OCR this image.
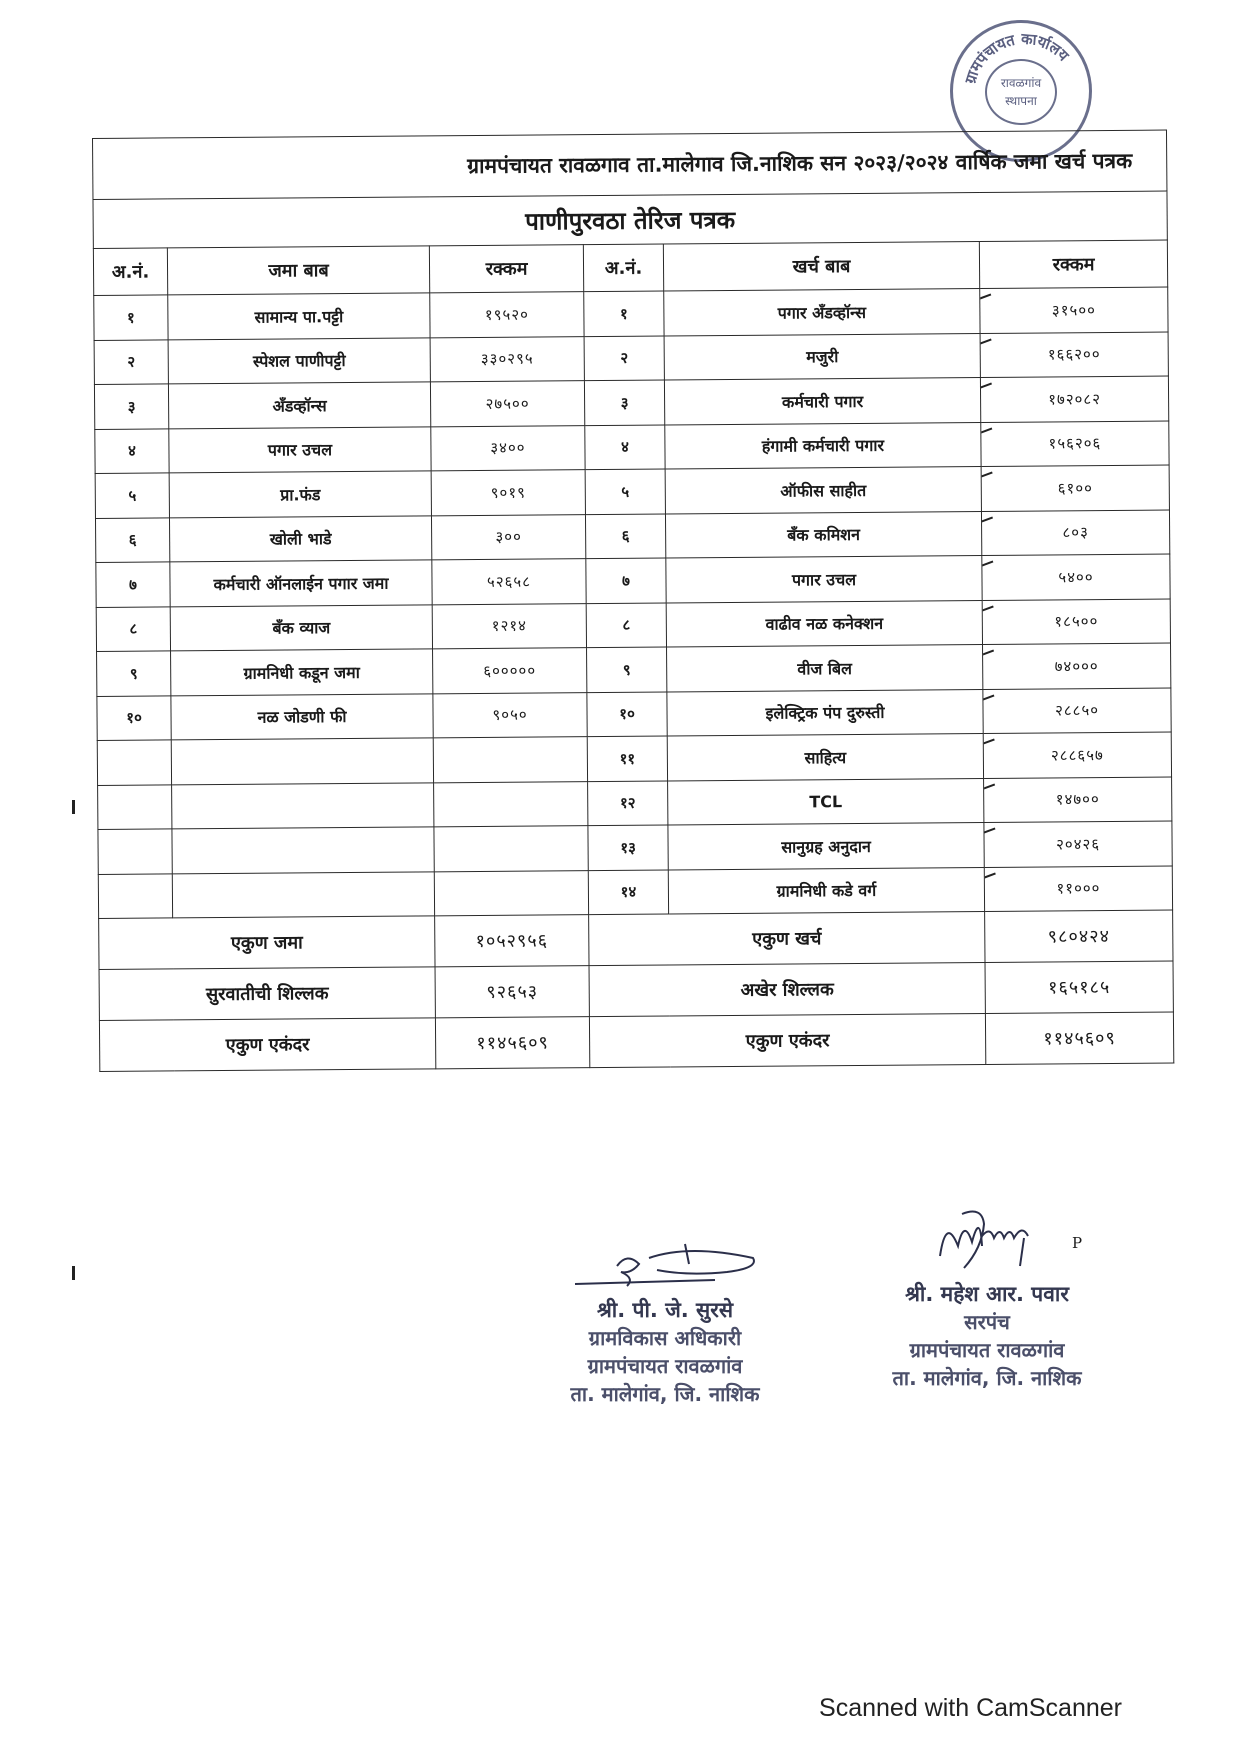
ग्रामपंचायत कार्यालय
रावळगांव
स्थापना
ग्रामपंचायत रावळगाव ता.मालेगाव जि.नाशिक सन २०२३/२०२४ वार्षिक जमा खर्च पत्रक					
पाणीपुरवठा तेरिज पत्रक					
अ.नं.	जमा बाब	रक्कम	अ.नं.	खर्च बाब	रक्कम
१	सामान्य पा.पट्टी	१९५२०	१	पगार अँडव्हॉन्स	३१५००
२	स्पेशल पाणीपट्टी	३३०२९५	२	मजुरी	१६६२००
३	अँडव्हॉन्स	२७५००	३	कर्मचारी पगार	१७२०८२
४	पगार उचल	३४००	४	हंगामी कर्मचारी पगार	१५६२०६
५	प्रा.फंड	९०१९	५	ऑफीस साहीत	६१००
६	खोली भाडे	३००	६	बँक कमिशन	८०३
७	कर्मचारी ऑनलाईन पगार जमा	५२६५८	७	पगार उचल	५४००
८	बँक व्याज	१२१४	८	वाढीव नळ कनेक्शन	१८५००
९	ग्रामनिधी कडून जमा	६०००००	९	वीज बिल	७४०००
१०	नळ जोडणी फी	९०५०	१०	इलेक्ट्रिक पंप दुरुस्ती	२८८५०
			११	साहित्य	२८८६५७
			१२	TCL	१४७००
			१३	सानुग्रह अनुदान	२०४२६
			१४	ग्रामनिधी कडे वर्ग	११०००
एकुण जमा		१०५२९५६	एकुण खर्च		९८०४२४
सुरवातीची शिल्लक		९२६५३	अखेर शिल्लक		१६५१८५
एकुण एकंदर		११४५६०९	एकुण एकंदर		११४५६०९
श्री. पी. जे. सुरसे
ग्रामविकास अधिकारी
ग्रामपंचायत रावळगांव
ता. मालेगांव, जि. नाशिक
श्री. महेश आर. पवार
सरपंच
ग्रामपंचायत रावळगांव
ता. मालेगांव, जि. नाशिक
P
Scanned with CamScanner
